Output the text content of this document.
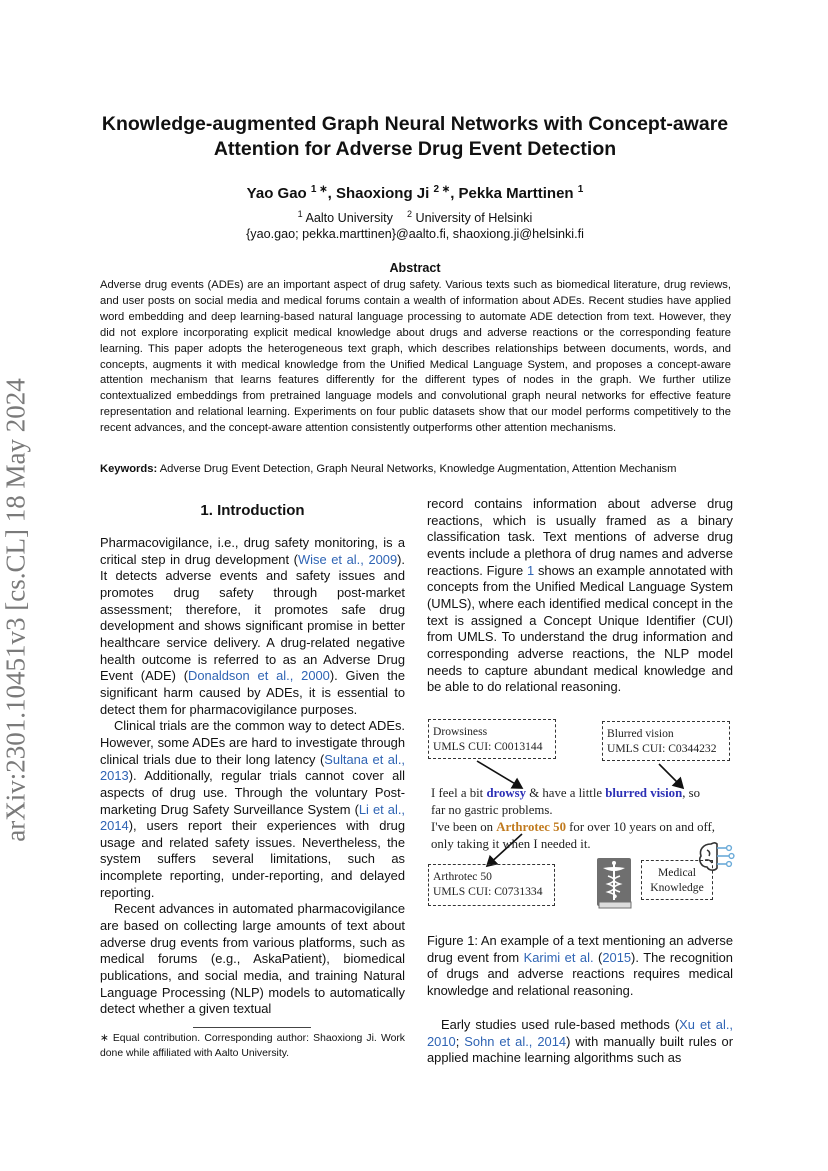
arXiv:2301.10451v3 [cs.CL] 18 May 2024
Knowledge-augmented Graph Neural Networks with Concept-aware Attention for Adverse Drug Event Detection
Yao Gao $^{1 ∗}$, Shaoxiong Ji $^{2 ∗}$, Pekka Marttinen $^1$
$^1$ Aalto University $^2$ University of Helsinki
{yao.gao; pekka.marttinen}@aalto.fi, shaoxiong.ji@helsinki.fi
Abstract
Adverse drug events (ADEs) are an important aspect of drug safety. Various texts such as biomedical literature, drug reviews, and user posts on social media and medical forums contain a wealth of information about ADEs. Recent studies have applied word embedding and deep learning-based natural language processing to automate ADE detection from text. However, they did not explore incorporating explicit medical knowledge about drugs and adverse reactions or the corresponding feature learning. This paper adopts the heterogeneous text graph, which describes relationships between documents, words, and concepts, augments it with medical knowledge from the Unified Medical Language System, and proposes a concept-aware attention mechanism that learns features differently for the different types of nodes in the graph. We further utilize contextualized embeddings from pretrained language models and convolutional graph neural networks for effective feature representation and relational learning. Experiments on four public datasets show that our model performs competitively to the recent advances, and the concept-aware attention consistently outperforms other attention mechanisms.
Keywords: Adverse Drug Event Detection, Graph Neural Networks, Knowledge Augmentation, Attention Mechanism
1. Introduction

Pharmacovigilance, i.e., drug safety monitoring, is a critical step in drug development (Wise et al., 2009). It detects adverse events and safety issues and promotes drug safety through post-market assessment; therefore, it promotes safe drug development and shows significant promise in better healthcare service delivery. A drug-related negative health outcome is referred to as an Adverse Drug Event (ADE) (Donaldson et al., 2000). Given the significant harm caused by ADEs, it is essential to detect them for pharmacovigilance purposes.

Clinical trials are the common way to detect ADEs. However, some ADEs are hard to investigate through clinical trials due to their long latency (Sultana et al., 2013). Additionally, regular trials cannot cover all aspects of drug use. Through the voluntary Post-marketing Drug Safety Surveillance System (Li et al., 2014), users report their experiences with drug usage and related safety issues. Nevertheless, the system suffers several limitations, such as incomplete reporting, under-reporting, and delayed reporting.

Recent advances in automated pharmacovigilance are based on collecting large amounts of text about adverse drug events from various platforms, such as medical forums (e.g., AskaPatient), biomedical publications, and social media, and training Natural Language Processing (NLP) models to automatically detect whether a given textual

∗ Equal contribution. Corresponding author: Shaoxiong Ji. Work done while affiliated with Aalto University.

record contains information about adverse drug reactions, which is usually framed as a binary classification task. Text mentions of adverse drug events include a plethora of drug names and adverse reactions. Figure 1 shows an example annotated with concepts from the Unified Medical Language System (UMLS), where each identified medical concept in the text is assigned a Concept Unique Identifier (CUI) from UMLS. To understand the drug information and corresponding adverse reactions, the NLP model needs to capture abundant medical knowledge and be able to do relational reasoning.

Drowsiness
UMLS CUI: C0013144
Blurred vision
UMLS CUI: C0344232
I feel a bit drowsy & have a little blurred vision, so
far no gastric problems.
I've been on Arthrotec 50 for over 10 years on and off,
only taking it when I needed it.
Arthrotec 50
UMLS CUI: C0731334
Medical
Knowledge
Figure 1: An example of a text mentioning an adverse drug event from Karimi et al. (2015). The recognition of drugs and adverse reactions requires medical knowledge and relational reasoning.

Early studies used rule-based methods (Xu et al., 2010; Sohn et al., 2014) with manually built rules or applied machine learning algorithms such as
